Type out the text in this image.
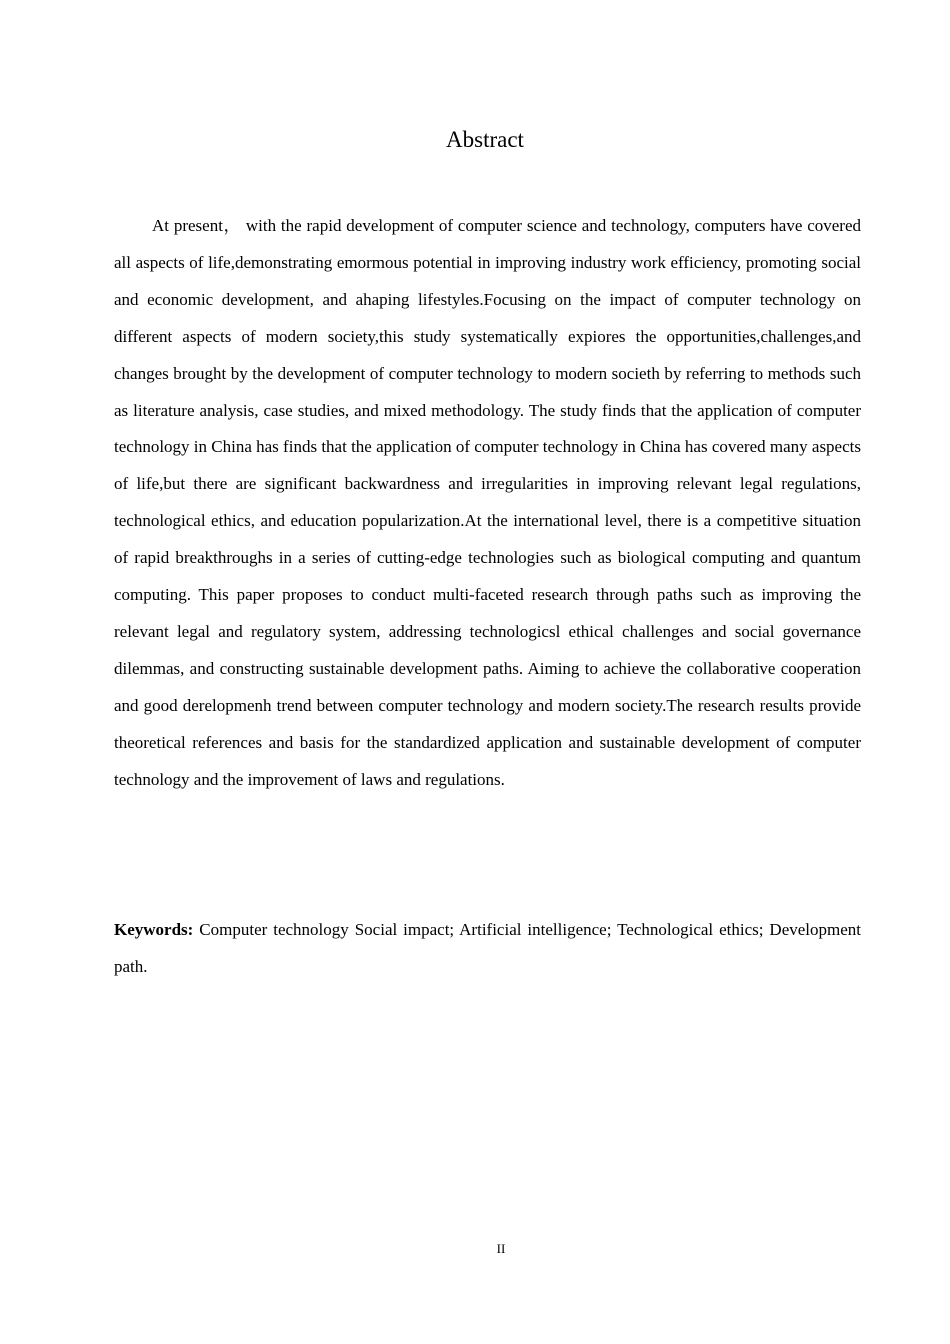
Abstract

At present， with the rapid development of computer science and technology, computers have covered all aspects of life,demonstrating emormous potential in improving industry work efficiency, promoting social and economic development, and ahaping lifestyles.Focusing on the impact of computer technology on different aspects of modern society,this study systematically expiores the opportunities,challenges,and changes brought by the development of computer technology to modern societh by referring to methods such as literature analysis, case studies, and mixed methodology. The study finds that the application of computer technology in China has finds that the application of computer technology in China has covered many aspects of life,but there are significant backwardness and irregularities in improving relevant legal regulations, technological ethics, and education popularization.At the international level, there is a competitive situation of rapid breakthroughs in a series of cutting-edge technologies such as biological computing and quantum computing. This paper proposes to conduct multi-faceted research through paths such as improving the relevant legal and regulatory system, addressing technologicsl ethical challenges and social governance dilemmas, and constructing sustainable development paths. Aiming to achieve the collaborative cooperation and good derelopmenh trend between computer technology and modern society.The research results provide theoretical references and basis for the standardized application and sustainable development of computer technology and the improvement of laws and regulations.

Keywords: Computer technology Social impact; Artificial intelligence; Technological ethics; Development path.

II
